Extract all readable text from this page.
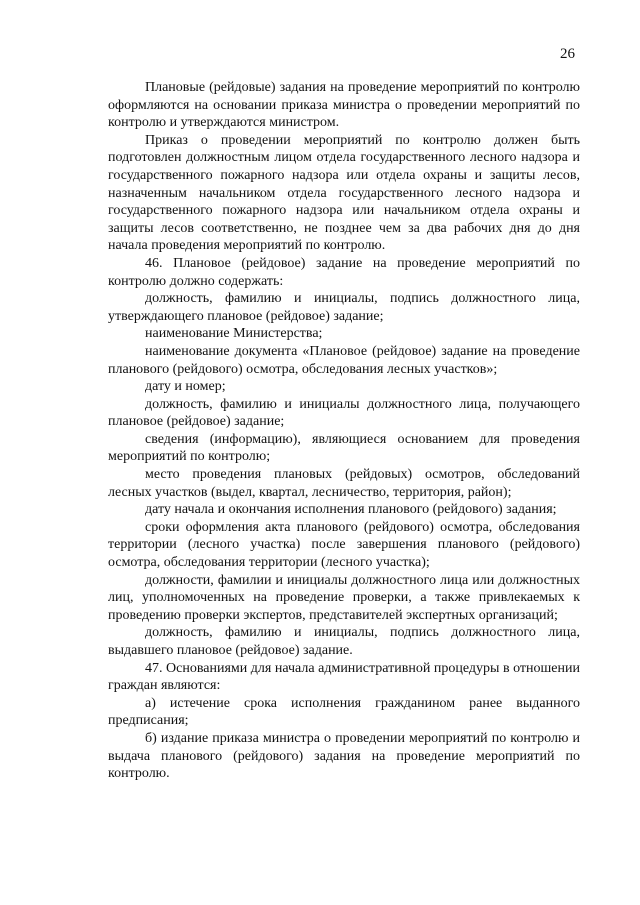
26

Плановые (рейдовые) задания на проведение мероприятий по контролю оформляются на основании приказа министра о проведении мероприятий по контролю и утверждаются министром.

Приказ о проведении мероприятий по контролю должен быть подготовлен должностным лицом отдела государственного лесного надзора и государственного пожарного надзора или отдела охраны и защиты лесов, назначенным начальником отдела государственного лесного надзора и государственного пожарного надзора или начальником отдела охраны и защиты лесов соответственно, не позднее чем за два рабочих дня до дня начала проведения мероприятий по контролю.

46. Плановое (рейдовое) задание на проведение мероприятий по контролю должно содержать:

должность, фамилию и инициалы, подпись должностного лица, утверждающего плановое (рейдовое) задание;

наименование Министерства;

наименование документа «Плановое (рейдовое) задание на проведение планового (рейдового) осмотра, обследования лесных участков»;

дату и номер;

должность, фамилию и инициалы должностного лица, получающего плановое (рейдовое) задание;

сведения (информацию), являющиеся основанием для проведения мероприятий по контролю;

место проведения плановых (рейдовых) осмотров, обследований лесных участков (выдел, квартал, лесничество, территория, район);

дату начала и окончания исполнения планового (рейдового) задания;

сроки оформления акта планового (рейдового) осмотра, обследования территории (лесного участка) после завершения планового (рейдового) осмотра, обследования территории (лесного участка);

должности, фамилии и инициалы должностного лица или должностных лиц, уполномоченных на проведение проверки, а также привлекаемых к проведению проверки экспертов, представителей экспертных организаций;

должность, фамилию и инициалы, подпись должностного лица, выдавшего плановое (рейдовое) задание.

47. Основаниями для начала административной процедуры в отношении граждан являются:

а) истечение срока исполнения гражданином ранее выданного предписания;

б) издание приказа министра о проведении мероприятий по контролю и выдача планового (рейдового) задания на проведение мероприятий по контролю.
